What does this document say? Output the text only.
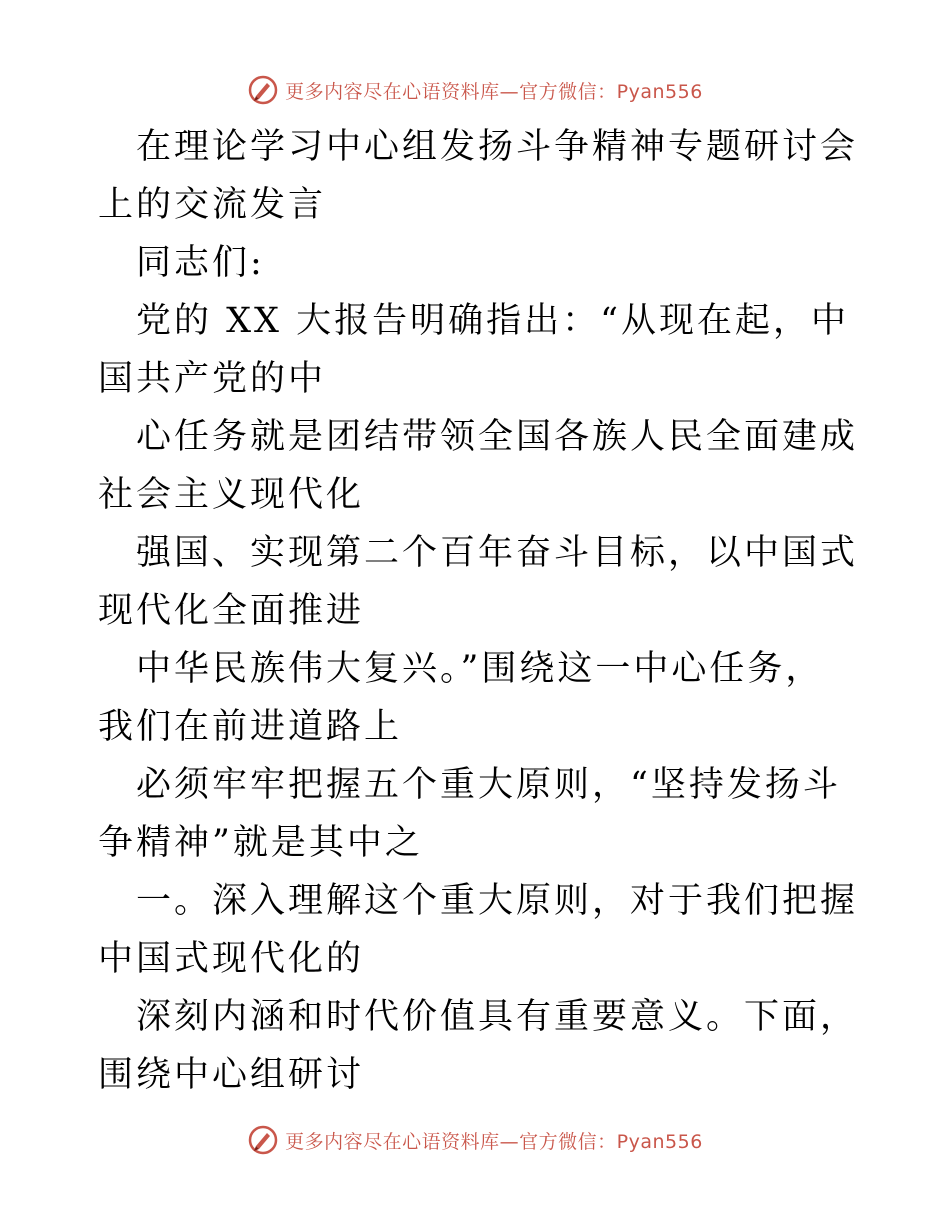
更多内容尽在心语资料库—官方微信：Pyan556

在理论学习中心组发扬斗争精神专题研讨会上的交流发言

同志们:

党的 XX 大报告明确指出：“从现在起，中国共产党的中

心任务就是团结带领全国各族人民全面建成社会主义现代化

强国、实现第二个百年奋斗目标，以中国式现代化全面推进

中华民族伟大复兴。”围绕这一中心任务，我们在前进道路上

必须牢牢把握五个重大原则，“坚持发扬斗争精神”就是其中之

一。深入理解这个重大原则，对于我们把握中国式现代化的

深刻内涵和时代价值具有重要意义。下面，围绕中心组研讨

更多内容尽在心语资料库—官方微信：Pyan556
